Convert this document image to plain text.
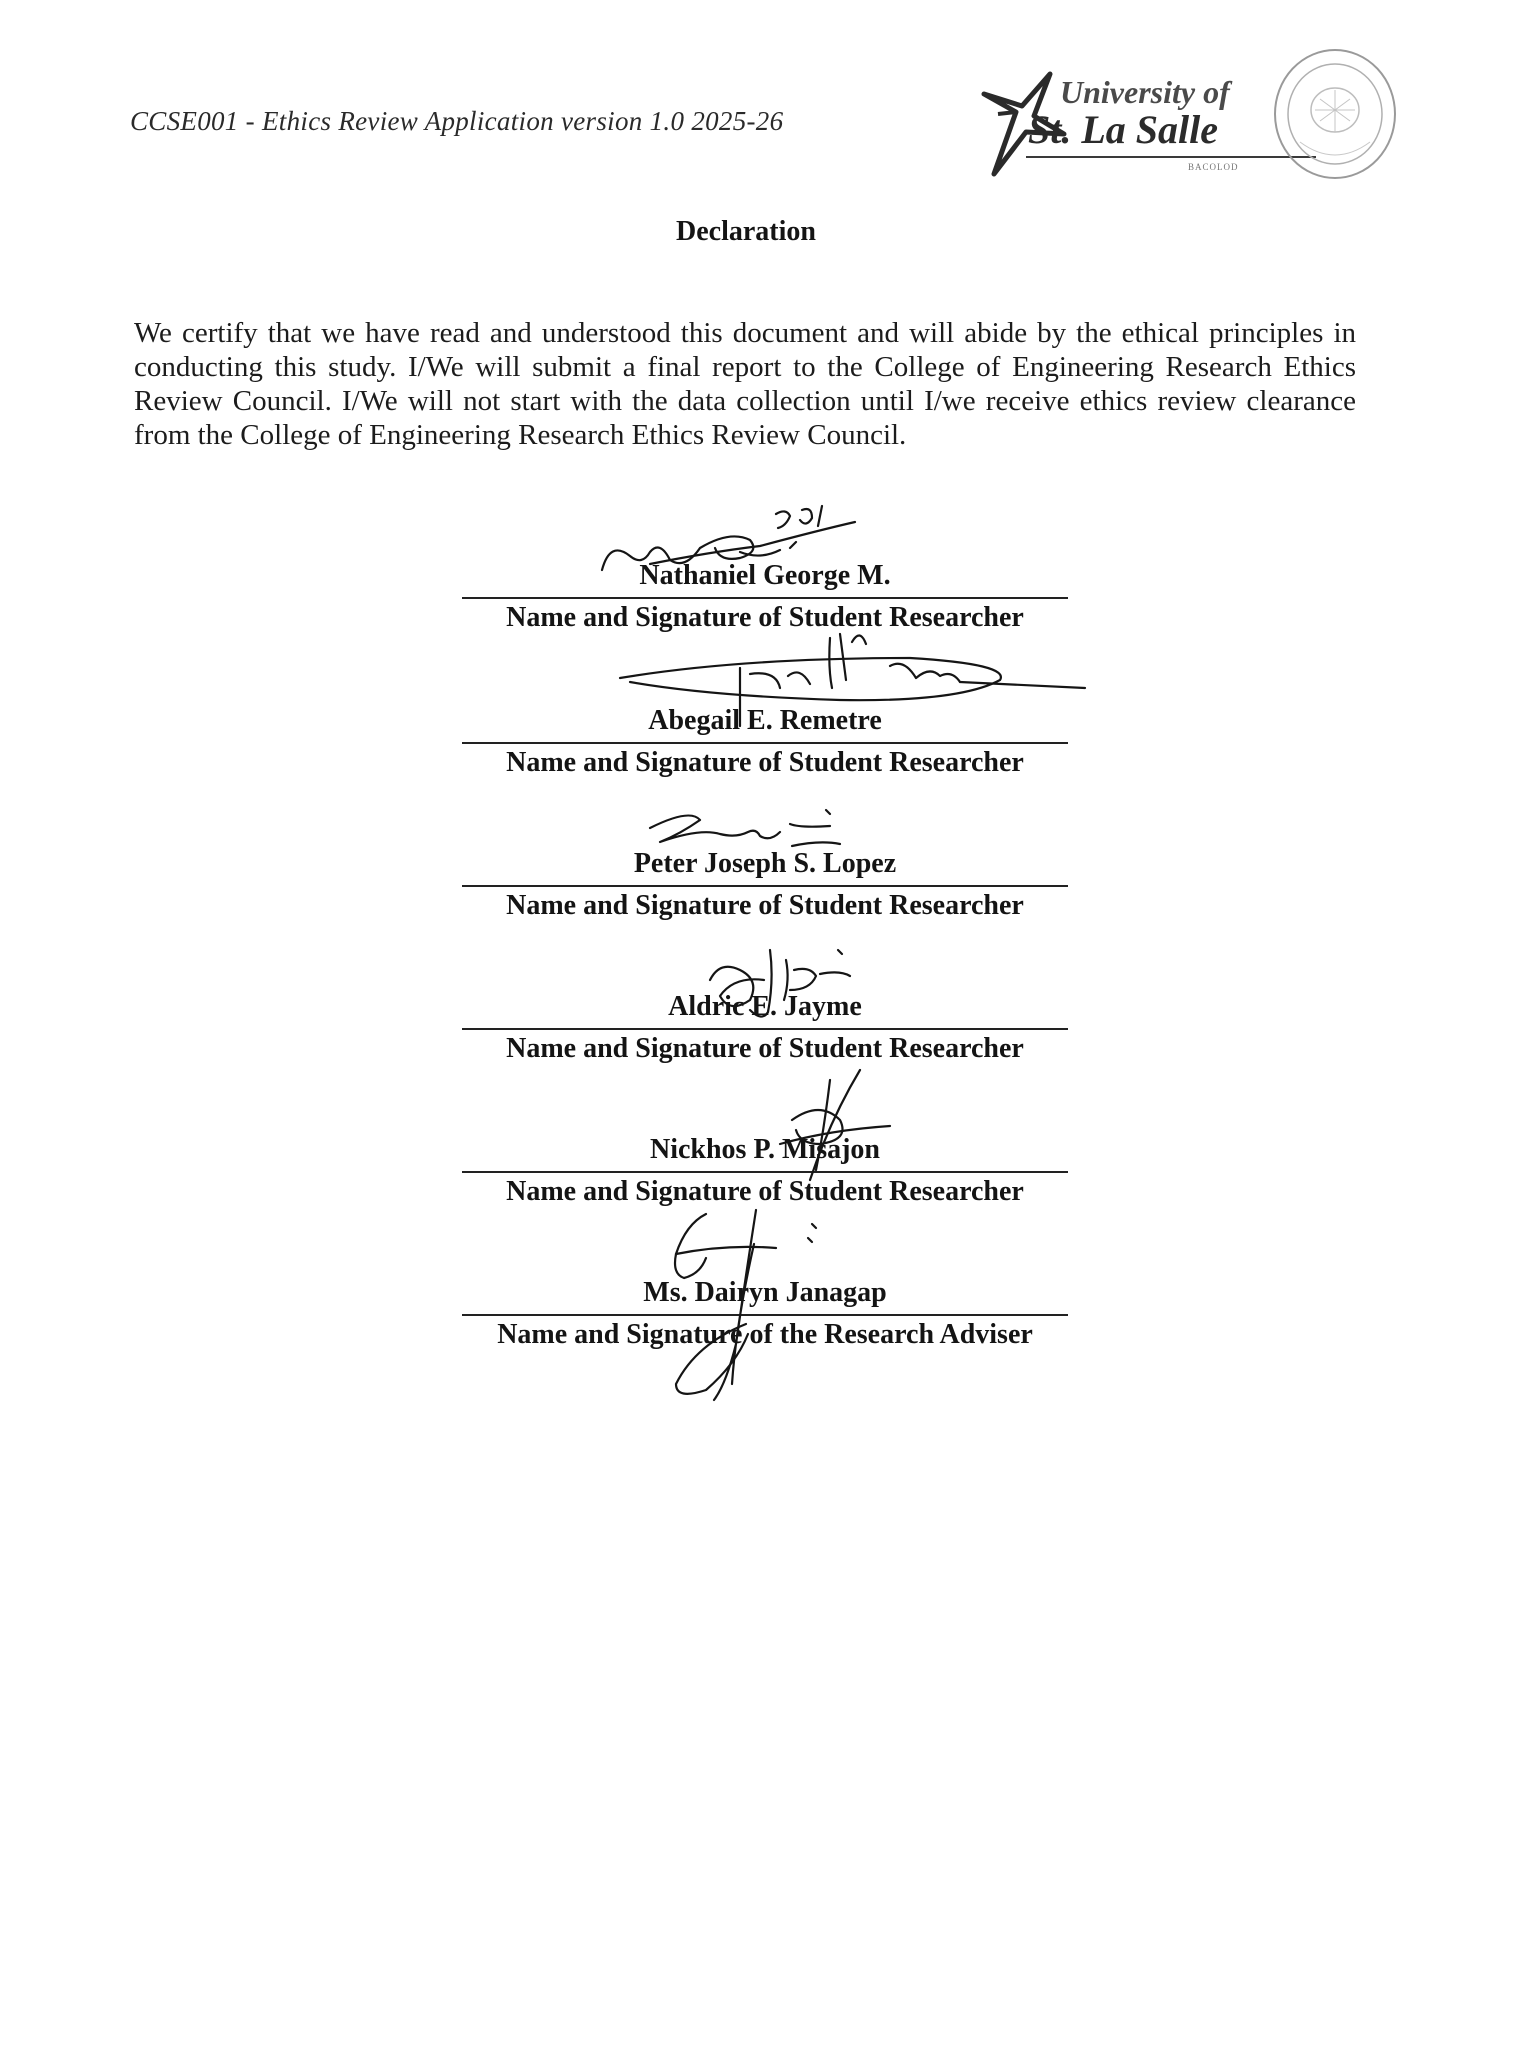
CCSE001 - Ethics Review Application version 1.0 2025-26
University of
St. La Salle
BACOLOD
Declaration
We certify that we have read and understood this document and will abide by the ethical principles in conducting this study. I/We will submit a final report to the College of Engineering Research Ethics Review Council. I/We will not start with the data collection until I/we receive ethics review clearance from the College of Engineering Research Ethics Review Council.
Nathaniel George M.
Name and Signature of Student Researcher
Abegail E. Remetre
Name and Signature of Student Researcher
Peter Joseph S. Lopez
Name and Signature of Student Researcher
Aldric E. Jayme
Name and Signature of Student Researcher
Nickhos P. Misajon
Name and Signature of Student Researcher
Ms. Dairyn Janagap
Name and Signature of the Research Adviser
